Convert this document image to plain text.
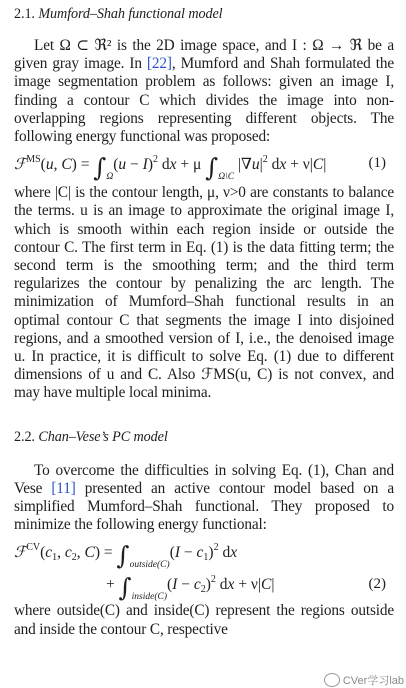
2.1. Mumford–Shah functional model

Let Ω ⊂ ℜ² is the 2D image space, and I : Ω → ℜ be a given gray image. In [22], Mumford and Shah formulated the image segmentation problem as follows: given an image I, finding a contour C which divides the image into non-overlapping regions representing different objects. The following energy functional was proposed:

ℱ$^{MS}$(u, $C) = \int_\Omega(u - I)^2$ dx + μ $\int_{\Omega\backslash C}$ $|\nabla u|^2$ dx + ν|C|	(1)

where |C| is the contour length, μ, ν>0 are constants to balance the terms. u is an image to approximate the original image I, which is smooth within each region inside or outside the contour C. The first term in Eq. (1) is the data fitting term; the second term is the smoothing term; and the third term regularizes the contour by penalizing the arc length. The minimization of Mumford–Shah functional results in an optimal contour C that segments the image I into disjoined regions, and a smoothed version of I, i.e., the denoised image u. In practice, it is difficult to solve Eq. (1) due to different dimensions of u and C. Also ℱMS(u, C) is not convex, and may have multiple local minima.

2.2. Chan–Vese’s PC model

To overcome the difficulties in solving Eq. (1), Chan and Vese [11] presented an active contour model based on a simplified Mumford–Shah functional. They proposed to minimize the following energy functional:

ℱ$^{CV}$(c1, c2, $C) = \int_{outside(C)}(I - c1)^2$ dx
+ $\int_{inside(C)}(I - c2)^2$ dx + ν|C|	(2)

where outside(C) and inside(C) represent the regions outside and inside the contour C, respective

CVer学习lab
